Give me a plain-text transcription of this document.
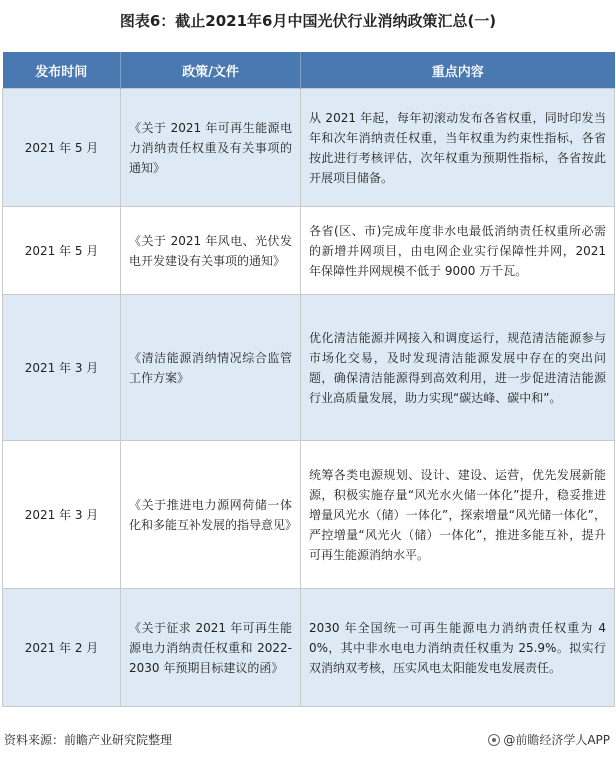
图表6：截止2021年6月中国光伏行业消纳政策汇总(一)
发布时间	政策/文件	重点内容
2021 年 5 月	《关于 2021 年可再生能源电力消纳责任权重及有关事项的通知》	从 2021 年起，每年初滚动发布各省权重，同时印发当年和次年消纳责任权重，当年权重为约束性指标，各省按此进行考核评估，次年权重为预期性指标，各省按此开展项目储备。
2021 年 5 月	《关于 2021 年风电、光伏发电开发建设有关事项的通知》	各省(区、市)完成年度非水电最低消纳责任权重所必需的新增并网项目，由电网企业实行保障性并网，2021 年保障性并网规模不低于 9000 万千瓦。
2021 年 3 月	《清洁能源消纳情况综合监管工作方案》	优化清洁能源并网接入和调度运行，规范清洁能源参与市场化交易，及时发现清洁能源发展中存在的突出问题，确保清洁能源得到高效利用，进一步促进清洁能源行业高质量发展，助力实现“碳达峰、碳中和”。
2021 年 3 月	《关于推进电力源网荷储一体化和多能互补发展的指导意见》	统筹各类电源规划、设计、建设、运营，优先发展新能源，积极实施存量“风光水火储一体化”提升，稳妥推进增量风光水（储）一体化”，探索增量“风光储一体化”，严控增量“风光火（储）一体化”，推进多能互补，提升可再生能源消纳水平。
2021 年 2 月	《关于征求 2021 年可再生能源电力消纳责任权重和 2022-2030 年预期目标建议的函》	2030 年全国统一可再生能源电力消纳责任权重为 40%，其中非水电电力消纳责任权重为 25.9%。拟实行双消纳双考核，压实风电太阳能发电发展责任。
资料来源：前瞻产业研究院整理	@前瞻经济学人APP
